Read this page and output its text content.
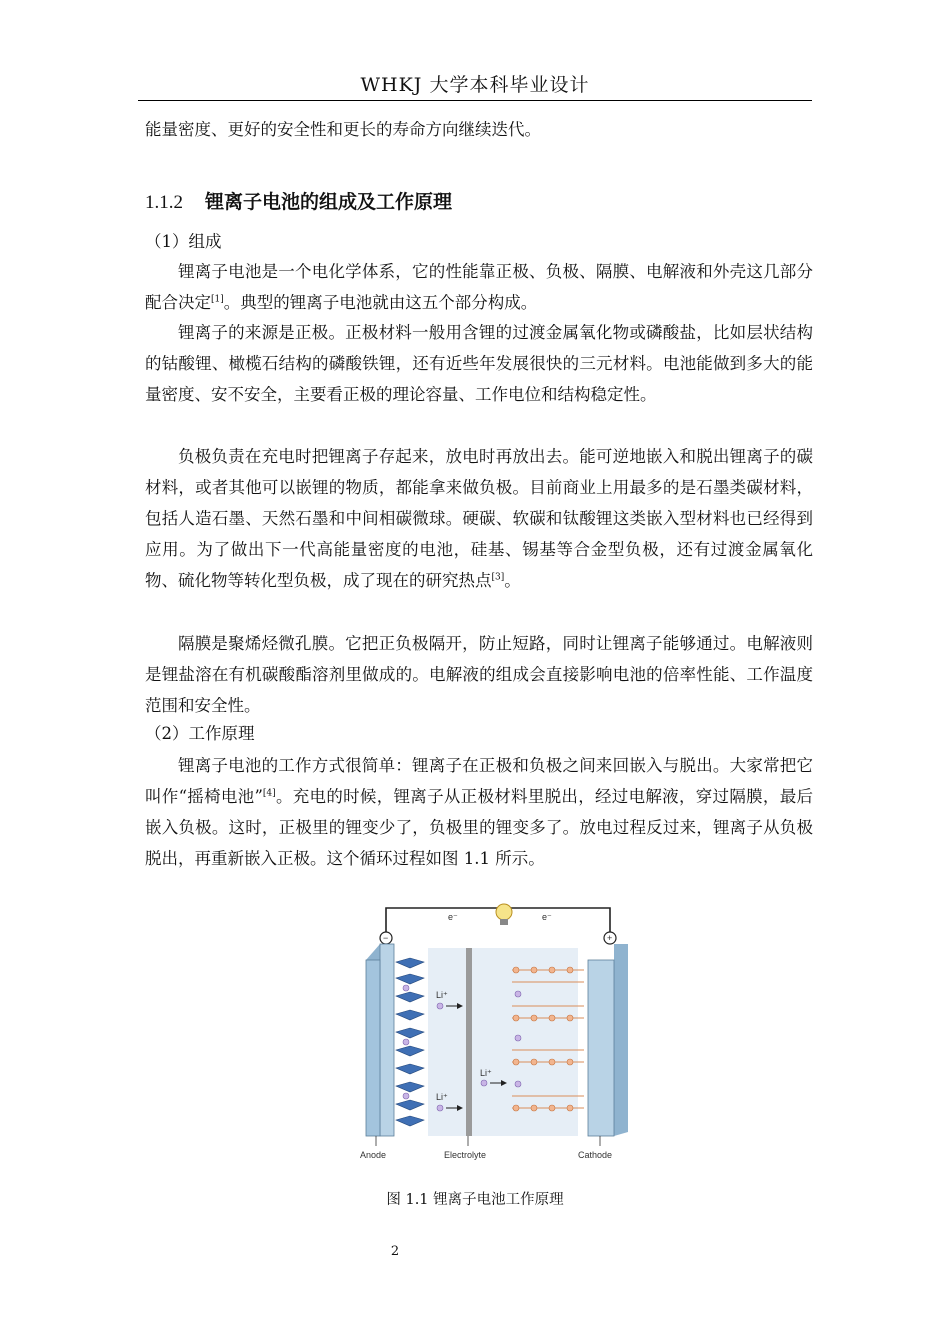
WHKJ 大学本科毕业设计

能量密度、更好的安全性和更长的寿命方向继续迭代。

1.1.2 锂离子电池的组成及工作原理

（1）组成

锂离子电池是一个电化学体系，它的性能靠正极、负极、隔膜、电解液和外壳这几部分配合决定[1]。典型的锂离子电池就由这五个部分构成。

锂离子的来源是正极。正极材料一般用含锂的过渡金属氧化物或磷酸盐，比如层状结构的钴酸锂、橄榄石结构的磷酸铁锂，还有近些年发展很快的三元材料。电池能做到多大的能量密度、安不安全，主要看正极的理论容量、工作电位和结构稳定性。

负极负责在充电时把锂离子存起来，放电时再放出去。能可逆地嵌入和脱出锂离子的碳材料，或者其他可以嵌锂的物质，都能拿来做负极。目前商业上用最多的是石墨类碳材料，包括人造石墨、天然石墨和中间相碳微球。硬碳、软碳和钛酸锂这类嵌入型材料也已经得到应用。为了做出下一代高能量密度的电池，硅基、锡基等合金型负极，还有过渡金属氧化物、硫化物等转化型负极，成了现在的研究热点[3]。

隔膜是聚烯烃微孔膜。它把正负极隔开，防止短路，同时让锂离子能够通过。电解液则是锂盐溶在有机碳酸酯溶剂里做成的。电解液的组成会直接影响电池的倍率性能、工作温度范围和安全性。

（2）工作原理

锂离子电池的工作方式很简单：锂离子在正极和负极之间来回嵌入与脱出。大家常把它叫作“摇椅电池”[4]。充电的时候，锂离子从正极材料里脱出，经过电解液，穿过隔膜，最后嵌入负极。这时，正极里的锂变少了，负极里的锂变多了。放电过程反过来，锂离子从负极脱出，再重新嵌入正极。这个循环过程如图 1.1 所示。

e⁻	e⁻
−	+
Li⁺
Li⁺
Li⁺
Anode	Electrolyte	Cathode
图 1.1 锂离子电池工作原理
2
